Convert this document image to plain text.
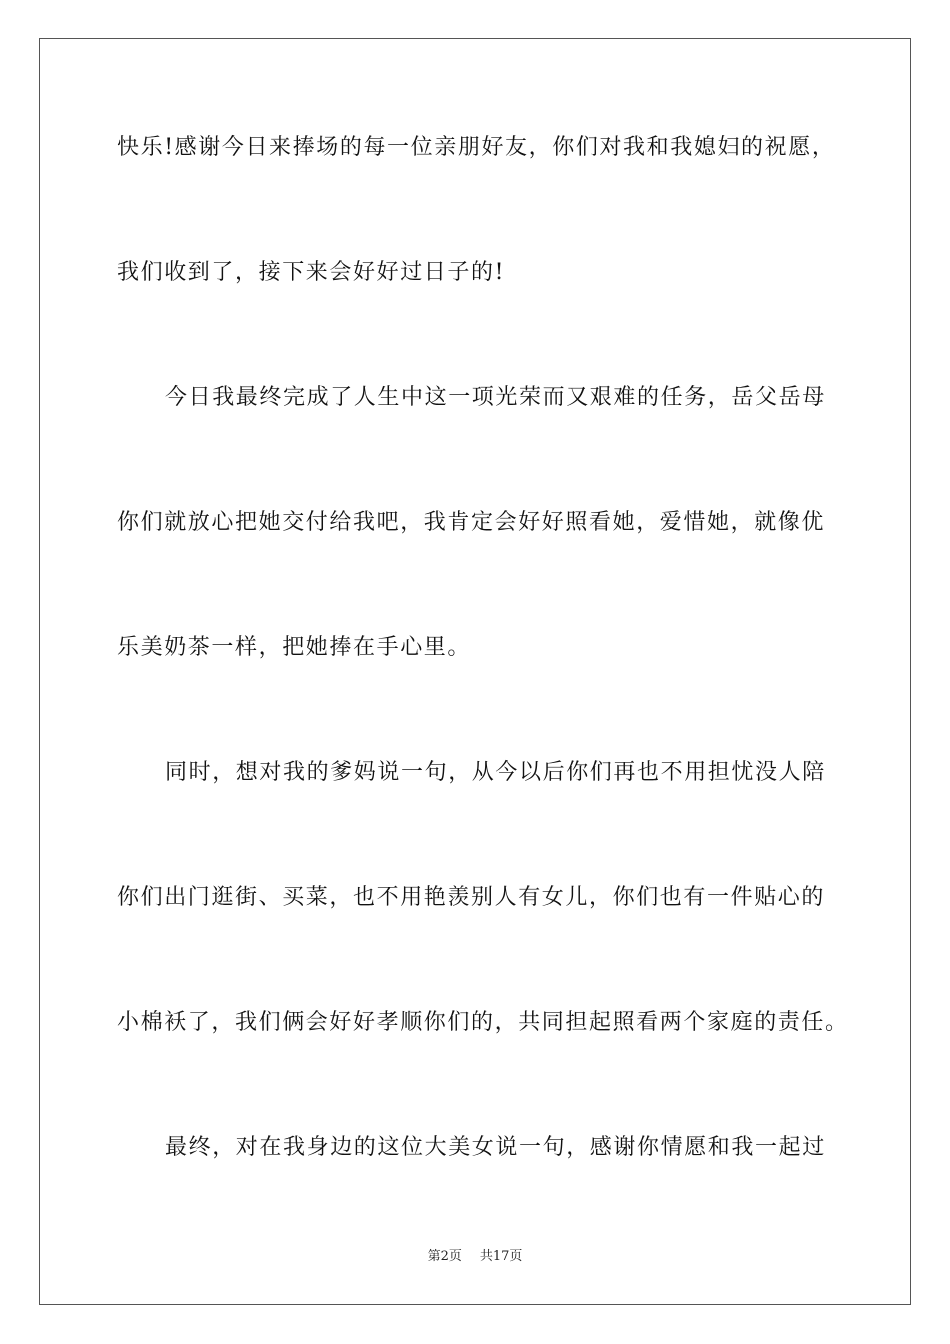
快乐!感谢今日来捧场的每一位亲朋好友，你们对我和我媳妇的祝愿，
我们收到了，接下来会好好过日子的!
今日我最终完成了人生中这一项光荣而又艰难的任务，岳父岳母
你们就放心把她交付给我吧，我肯定会好好照看她，爱惜她，就像优
乐美奶茶一样，把她捧在手心里。
同时，想对我的爹妈说一句，从今以后你们再也不用担忧没人陪
你们出门逛街、买菜，也不用艳羡别人有女儿，你们也有一件贴心的
小棉袄了，我们俩会好好孝顺你们的，共同担起照看两个家庭的责任。
最终，对在我身边的这位大美女说一句，感谢你情愿和我一起过
第2页 共17页
